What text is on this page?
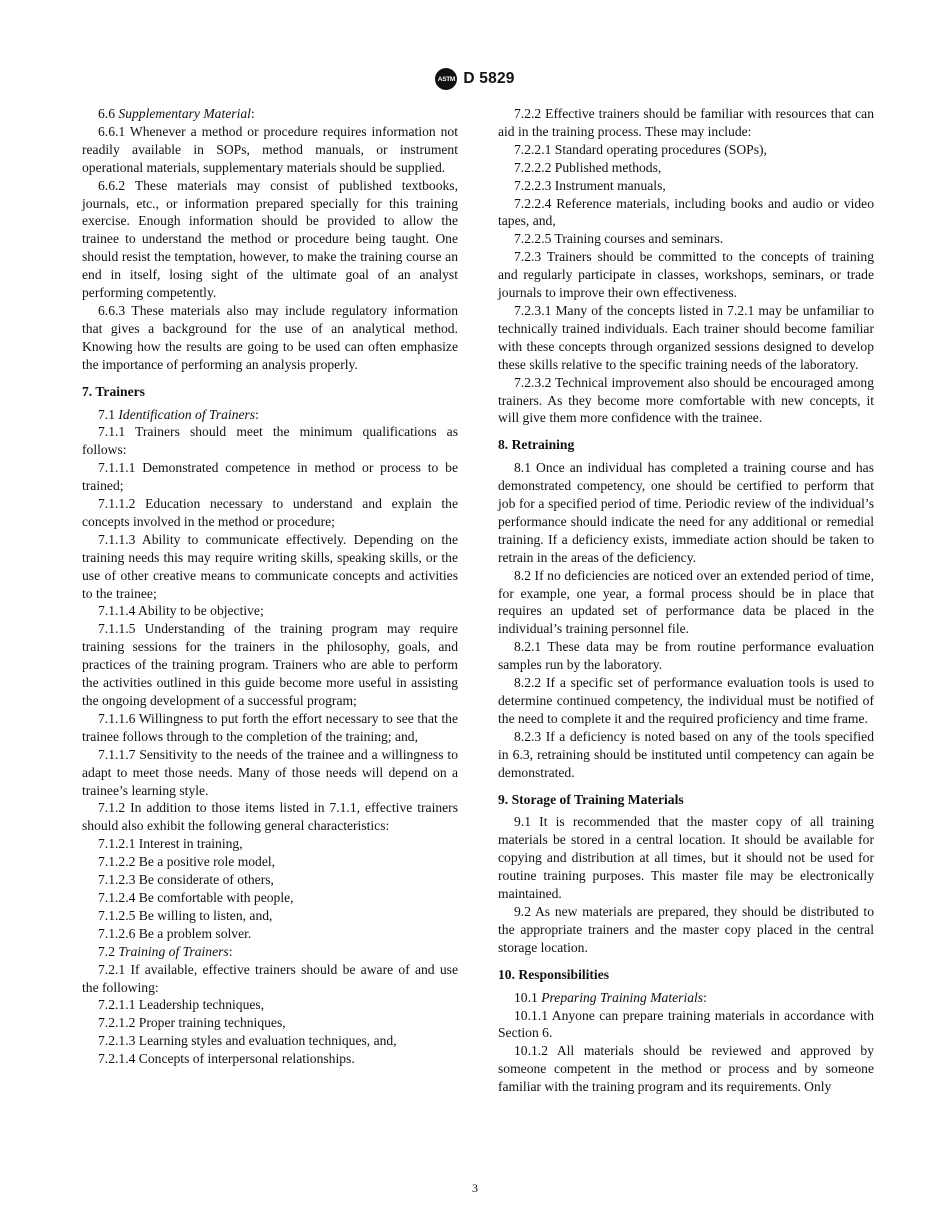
ASTM D 5829
6.6 Supplementary Material:
6.6.1 Whenever a method or procedure requires information not readily available in SOPs, method manuals, or instrument operational materials, supplementary materials should be supplied.
6.6.2 These materials may consist of published textbooks, journals, etc., or information prepared specially for this training exercise. Enough information should be provided to allow the trainee to understand the method or procedure being taught. One should resist the temptation, however, to make the training course an end in itself, losing sight of the ultimate goal of an analyst performing competently.
6.6.3 These materials also may include regulatory information that gives a background for the use of an analytical method. Knowing how the results are going to be used can often emphasize the importance of performing an analysis properly.
7. Trainers
7.1 Identification of Trainers:
7.1.1 Trainers should meet the minimum qualifications as follows:
7.1.1.1 Demonstrated competence in method or process to be trained;
7.1.1.2 Education necessary to understand and explain the concepts involved in the method or procedure;
7.1.1.3 Ability to communicate effectively. Depending on the training needs this may require writing skills, speaking skills, or the use of other creative means to communicate concepts and activities to the trainee;
7.1.1.4 Ability to be objective;
7.1.1.5 Understanding of the training program may require training sessions for the trainers in the philosophy, goals, and practices of the training program. Trainers who are able to perform the activities outlined in this guide become more useful in assisting the ongoing development of a successful program;
7.1.1.6 Willingness to put forth the effort necessary to see that the trainee follows through to the completion of the training; and,
7.1.1.7 Sensitivity to the needs of the trainee and a willingness to adapt to meet those needs. Many of those needs will depend on a trainee’s learning style.
7.1.2 In addition to those items listed in 7.1.1, effective trainers should also exhibit the following general characteristics:
7.1.2.1 Interest in training,
7.1.2.2 Be a positive role model,
7.1.2.3 Be considerate of others,
7.1.2.4 Be comfortable with people,
7.1.2.5 Be willing to listen, and,
7.1.2.6 Be a problem solver.
7.2 Training of Trainers:
7.2.1 If available, effective trainers should be aware of and use the following:
7.2.1.1 Leadership techniques,
7.2.1.2 Proper training techniques,
7.2.1.3 Learning styles and evaluation techniques, and,
7.2.1.4 Concepts of interpersonal relationships.
7.2.2 Effective trainers should be familiar with resources that can aid in the training process. These may include:
7.2.2.1 Standard operating procedures (SOPs),
7.2.2.2 Published methods,
7.2.2.3 Instrument manuals,
7.2.2.4 Reference materials, including books and audio or video tapes, and,
7.2.2.5 Training courses and seminars.
7.2.3 Trainers should be committed to the concepts of training and regularly participate in classes, workshops, seminars, or trade journals to improve their own effectiveness.
7.2.3.1 Many of the concepts listed in 7.2.1 may be unfamiliar to technically trained individuals. Each trainer should become familiar with these concepts through organized sessions designed to develop these skills relative to the specific training needs of the laboratory.
7.2.3.2 Technical improvement also should be encouraged among trainers. As they become more comfortable with new concepts, it will give them more confidence with the trainee.
8. Retraining
8.1 Once an individual has completed a training course and has demonstrated competency, one should be certified to perform that job for a specified period of time. Periodic review of the individual’s performance should indicate the need for any additional or remedial training. If a deficiency exists, immediate action should be taken to retrain in the areas of the deficiency.
8.2 If no deficiencies are noticed over an extended period of time, for example, one year, a formal process should be in place that requires an updated set of performance data be placed in the individual’s training personnel file.
8.2.1 These data may be from routine performance evaluation samples run by the laboratory.
8.2.2 If a specific set of performance evaluation tools is used to determine continued competency, the individual must be notified of the need to complete it and the required proficiency and time frame.
8.2.3 If a deficiency is noted based on any of the tools specified in 6.3, retraining should be instituted until competency can again be demonstrated.
9. Storage of Training Materials
9.1 It is recommended that the master copy of all training materials be stored in a central location. It should be available for copying and distribution at all times, but it should not be used for routine training purposes. This master file may be electronically maintained.
9.2 As new materials are prepared, they should be distributed to the appropriate trainers and the master copy placed in the central storage location.
10. Responsibilities
10.1 Preparing Training Materials:
10.1.1 Anyone can prepare training materials in accordance with Section 6.
10.1.2 All materials should be reviewed and approved by someone competent in the method or process and by someone familiar with the training program and its requirements. Only
3
